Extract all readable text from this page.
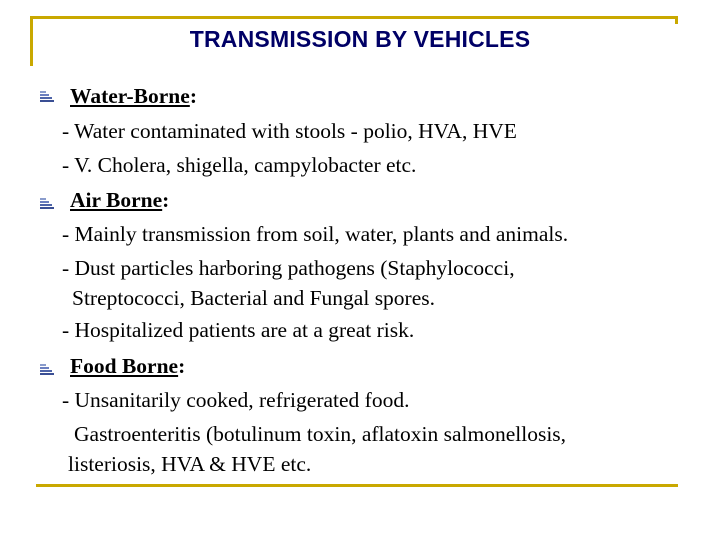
TRANSMISSION BY VEHICLES
Water-Borne:
- Water contaminated with stools - polio, HVA, HVE
- V. Cholera, shigella, campylobacter etc.
Air Borne:
- Mainly transmission from soil, water, plants and animals.
- Dust particles harboring pathogens (Staphylococci,
Streptococci, Bacterial and Fungal spores.
- Hospitalized patients are at a great risk.
Food Borne:
- Unsanitarily cooked, refrigerated food.
Gastroenteritis (botulinum toxin, aflatoxin salmonellosis,
listeriosis, HVA & HVE etc.
